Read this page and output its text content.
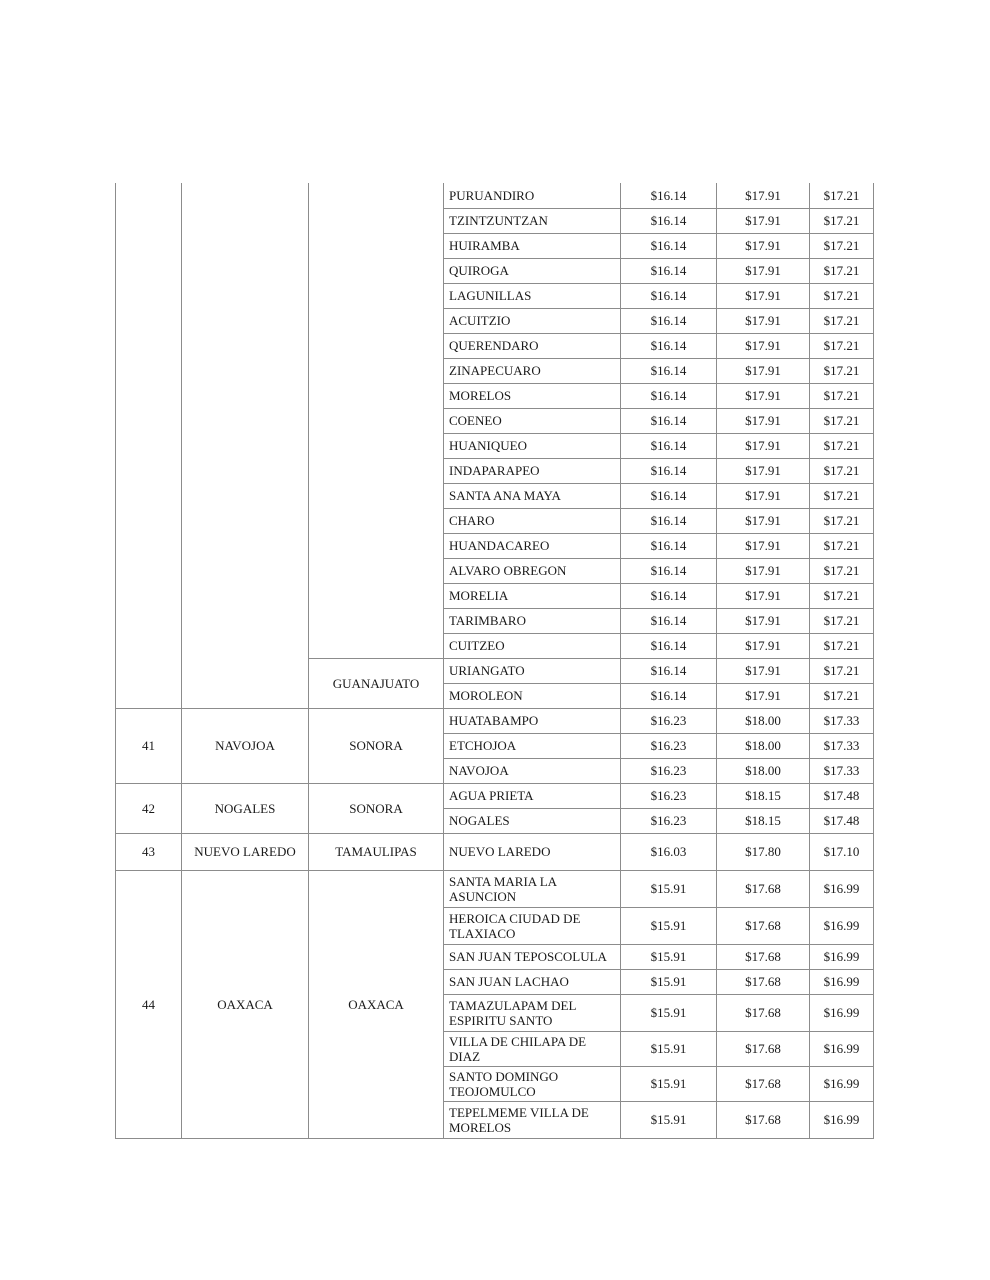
			PURUANDIRO	$16.14	$17.91	$17.21
			TZINTZUNTZAN	$16.14	$17.91	$17.21
			HUIRAMBA	$16.14	$17.91	$17.21
			QUIROGA	$16.14	$17.91	$17.21
			LAGUNILLAS	$16.14	$17.91	$17.21
			ACUITZIO	$16.14	$17.91	$17.21
			QUERENDARO	$16.14	$17.91	$17.21
			ZINAPECUARO	$16.14	$17.91	$17.21
			MORELOS	$16.14	$17.91	$17.21
			COENEO	$16.14	$17.91	$17.21
			HUANIQUEO	$16.14	$17.91	$17.21
			INDAPARAPEO	$16.14	$17.91	$17.21
			SANTA ANA MAYA	$16.14	$17.91	$17.21
			CHARO	$16.14	$17.91	$17.21
			HUANDACAREO	$16.14	$17.91	$17.21
			ALVARO OBREGON	$16.14	$17.91	$17.21
			MORELIA	$16.14	$17.91	$17.21
			TARIMBARO	$16.14	$17.91	$17.21
			CUITZEO	$16.14	$17.91	$17.21
		GUANAJUATO	URIANGATO	$16.14	$17.91	$17.21
			MOROLEON	$16.14	$17.91	$17.21
41	NAVOJOA	SONORA	HUATABAMPO	$16.23	$18.00	$17.33
			ETCHOJOA	$16.23	$18.00	$17.33
			NAVOJOA	$16.23	$18.00	$17.33
42	NOGALES	SONORA	AGUA PRIETA	$16.23	$18.15	$17.48
			NOGALES	$16.23	$18.15	$17.48
43	NUEVO LAREDO	TAMAULIPAS	NUEVO LAREDO	$16.03	$17.80	$17.10
44	OAXACA	OAXACA	SANTA MARIA LA ASUNCION	$15.91	$17.68	$16.99
			HEROICA CIUDAD DE TLAXIACO	$15.91	$17.68	$16.99
			SAN JUAN TEPOSCOLULA	$15.91	$17.68	$16.99
			SAN JUAN LACHAO	$15.91	$17.68	$16.99
			TAMAZULAPAM DEL ESPIRITU SANTO	$15.91	$17.68	$16.99
			VILLA DE CHILAPA DE DIAZ	$15.91	$17.68	$16.99
			SANTO DOMINGO TEOJOMULCO	$15.91	$17.68	$16.99
			TEPELMEME VILLA DE MORELOS	$15.91	$17.68	$16.99
